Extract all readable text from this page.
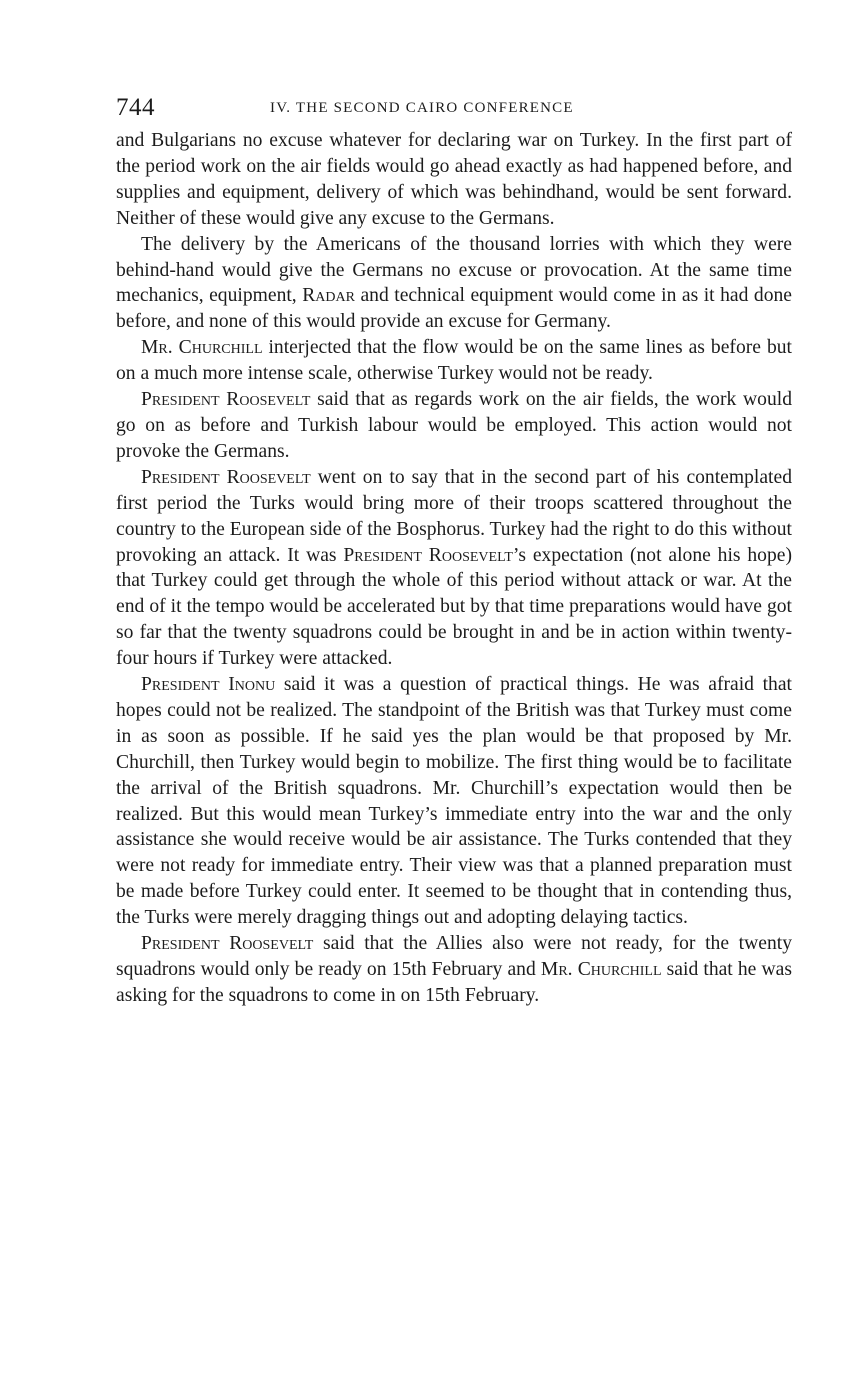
744	IV. THE SECOND CAIRO CONFERENCE

and Bulgarians no excuse whatever for declaring war on Turkey. In the first part of the period work on the air fields would go ahead exactly as had happened before, and supplies and equipment, delivery of which was behindhand, would be sent forward. Neither of these would give any excuse to the Germans.

The delivery by the Americans of the thousand lorries with which they were behind-hand would give the Germans no excuse or provocation. At the same time mechanics, equipment, Radar and technical equipment would come in as it had done before, and none of this would provide an excuse for Germany.

Mr. Churchill interjected that the flow would be on the same lines as before but on a much more intense scale, otherwise Turkey would not be ready.

President Roosevelt said that as regards work on the air fields, the work would go on as before and Turkish labour would be employed. This action would not provoke the Germans.

President Roosevelt went on to say that in the second part of his contemplated first period the Turks would bring more of their troops scattered throughout the country to the European side of the Bosphorus. Turkey had the right to do this without provoking an attack. It was President Roosevelt’s expectation (not alone his hope) that Turkey could get through the whole of this period without attack or war. At the end of it the tempo would be accelerated but by that time preparations would have got so far that the twenty squadrons could be brought in and be in action within twenty-four hours if Turkey were attacked.

President Inonu said it was a question of practical things. He was afraid that hopes could not be realized. The standpoint of the British was that Turkey must come in as soon as possible. If he said yes the plan would be that proposed by Mr. Churchill, then Turkey would begin to mobilize. The first thing would be to facilitate the arrival of the British squadrons. Mr. Churchill’s expectation would then be realized. But this would mean Turkey’s immediate entry into the war and the only assistance she would receive would be air assistance. The Turks contended that they were not ready for immediate entry. Their view was that a planned preparation must be made before Turkey could enter. It seemed to be thought that in contending thus, the Turks were merely dragging things out and adopting delaying tactics.

President Roosevelt said that the Allies also were not ready, for the twenty squadrons would only be ready on 15th February and Mr. Churchill said that he was asking for the squadrons to come in on 15th February.
